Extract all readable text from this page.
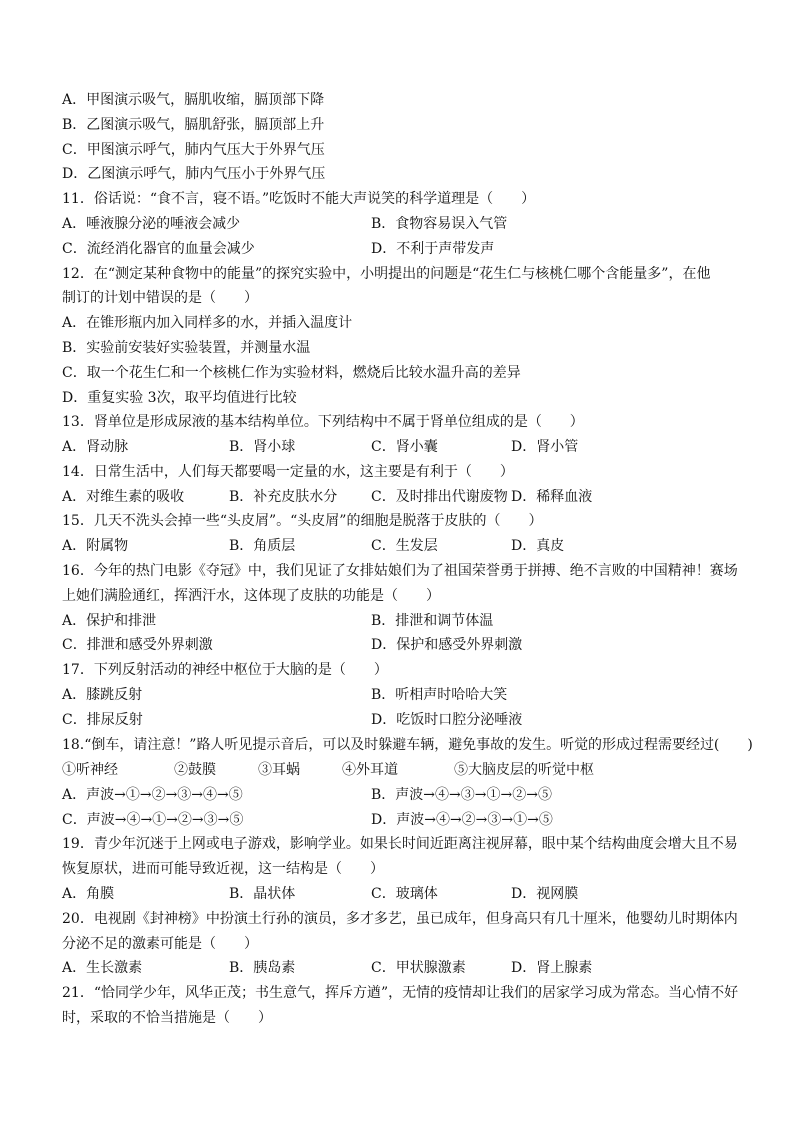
A．甲图演示吸气，膈肌收缩，膈顶部下降
B．乙图演示吸气，膈肌舒张，膈顶部上升
C．甲图演示呼气，肺内气压大于外界气压
D．乙图演示呼气，肺内气压小于外界气压
11．俗话说：“食不言，寝不语。”吃饭时不能大声说笑的科学道理是（　　）
A．唾液腺分泌的唾液会减少	B．食物容易误入气管
C．流经消化器官的血量会减少	D．不利于声带发声
12．在“测定某种食物中的能量”的探究实验中，小明提出的问题是“花生仁与核桃仁哪个含能量多”，在他
制订的计划中错误的是（　　）
A．在锥形瓶内加入同样多的水，并插入温度计
B．实验前安装好实验装置，并测量水温
C．取一个花生仁和一个核桃仁作为实验材料，燃烧后比较水温升高的差异
D．重复实验 3次，取平均值进行比较
13．肾单位是形成尿液的基本结构单位。下列结构中不属于肾单位组成的是（　　）
A．肾动脉	B．肾小球	C．肾小囊	D．肾小管
14．日常生活中，人们每天都要喝一定量的水，这主要是有利于（　　）
A．对维生素的吸收	B．补充皮肤水分 C．及时排出代谢废物 D．稀释血液
15．几天不洗头会掉一些“头皮屑”。“头皮屑”的细胞是脱落于皮肤的（　　）
A．附属物	B．角质层	C．生发层	D．真皮
16．今年的热门电影《夺冠》中，我们见证了女排姑娘们为了祖国荣誉勇于拼搏、绝不言败的中国精神！赛场
上她们满脸通红，挥洒汗水，这体现了皮肤的功能是（　　）
A．保护和排泄	B．排泄和调节体温
C．排泄和感受外界刺激	D．保护和感受外界刺激
17．下列反射活动的神经中枢位于大脑的是（　　）
A．膝跳反射	B．听相声时哈哈大笑
C．排尿反射	D．吃饭时口腔分泌唾液
18.“倒车，请注意！”路人听见提示音后，可以及时躲避车辆，避免事故的发生。听觉的形成过程需要经过(　　)
①听神经	②鼓膜	③耳蜗	④外耳道	⑤大脑皮层的听觉中枢
A．声波→①→②→③→④→⑤	B．声波→④→③→①→②→⑤
C．声波→④→①→②→③→⑤	D．声波→④→②→③→①→⑤
19．青少年沉迷于上网或电子游戏，影响学业。如果长时间近距离注视屏幕，眼中某个结构曲度会增大且不易
恢复原状，进而可能导致近视，这一结构是（　　）
A．角膜	B．晶状体	C．玻璃体	D．视网膜
20．电视剧《封神榜》中扮演土行孙的演员，多才多艺，虽已成年，但身高只有几十厘米，他婴幼儿时期体内
分泌不足的激素可能是（　　）
A．生长激素	B．胰岛素	C．甲状腺激素	D．肾上腺素
21．“恰同学少年，风华正茂；书生意气，挥斥方遒”，无情的疫情却让我们的居家学习成为常态。当心情不好
时，采取的不恰当措施是（　　）
